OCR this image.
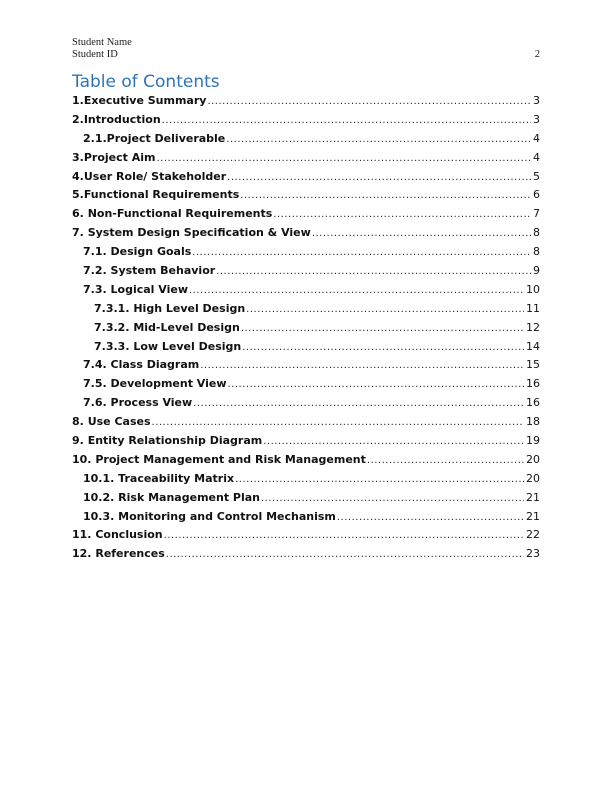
Student Name
Student ID	2
Table of Contents
1. Executive Summary .....	3
2. Introduction .....	3
2.1. Project Deliverable .....	4
3. Project Aim .....	4
4. User Role/ Stakeholder .....	5
5. Functional Requirements .....	6
6. Non-Functional Requirements .....	7
7. System Design Specification & View .....	8
7.1. Design Goals .....	8
7.2. System Behavior .....	9
7.3. Logical View .....	10
7.3.1. High Level Design .....	11
7.3.2. Mid-Level Design .....	12
7.3.3. Low Level Design .....	14
7.4. Class Diagram .....	15
7.5. Development View .....	16
7.6. Process View .....	16
8. Use Cases .....	18
9. Entity Relationship Diagram .....	19
10. Project Management and Risk Management .....	20
10.1. Traceability Matrix .....	20
10.2. Risk Management Plan .....	21
10.3. Monitoring and Control Mechanism .....	21
11. Conclusion .....	22
12. References .....	23
